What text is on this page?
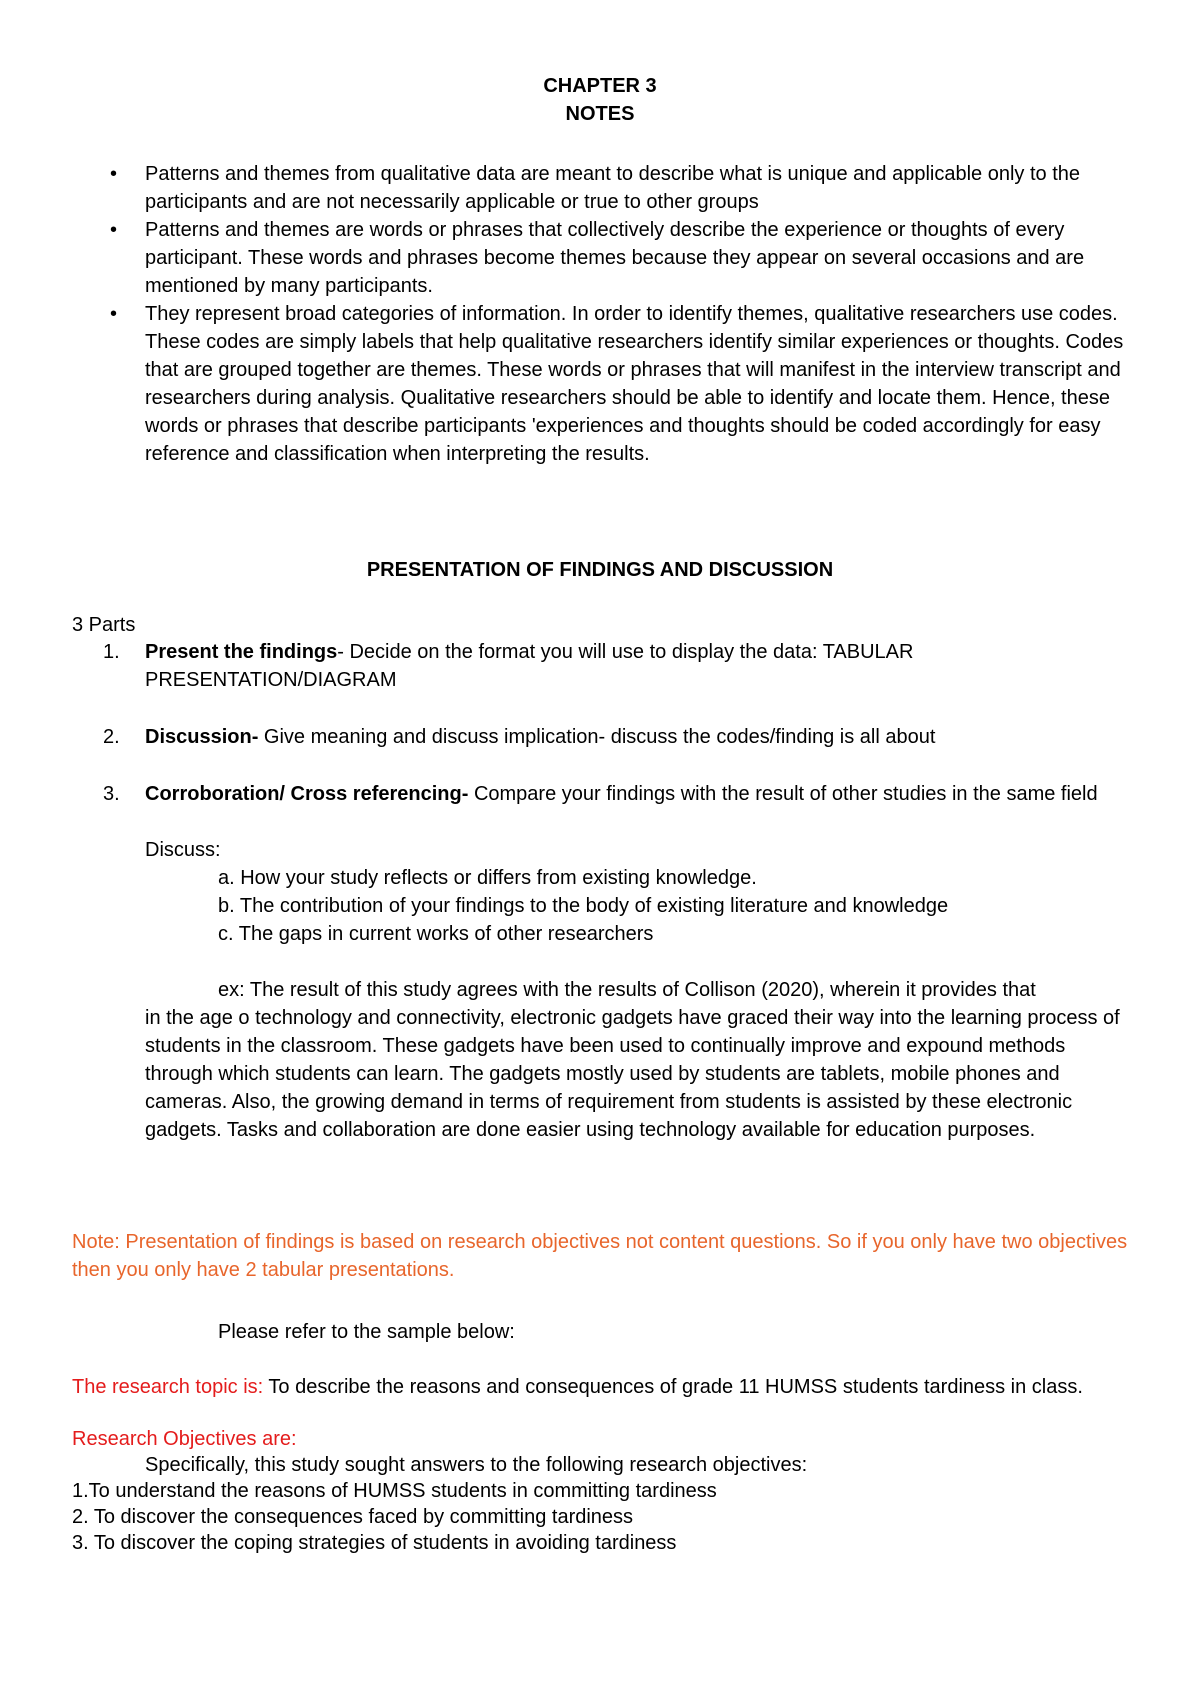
CHAPTER 3
NOTES
• Patterns and themes from qualitative data are meant to describe what is unique and applicable only to the participants and are not necessarily applicable or true to other groups
• Patterns and themes are words or phrases that collectively describe the experience or thoughts of every participant. These words and phrases become themes because they appear on several occasions and are mentioned by many participants.
• They represent broad categories of information. In order to identify themes, qualitative researchers use codes. These codes are simply labels that help qualitative researchers identify similar experiences or thoughts. Codes that are grouped together are themes. These words or phrases that will manifest in the interview transcript and researchers during analysis. Qualitative researchers should be able to identify and locate them. Hence, these words or phrases that describe participants 'experiences and thoughts should be coded accordingly for easy reference and classification when interpreting the results.
PRESENTATION OF FINDINGS AND DISCUSSION
3 Parts
1. Present the findings- Decide on the format you will use to display the data: TABULAR PRESENTATION/DIAGRAM
2. Discussion- Give meaning and discuss implication- discuss the codes/finding is all about
3. Corroboration/ Cross referencing- Compare your findings with the result of other studies in the same field
Discuss:
a. How your study reflects or differs from existing knowledge.
b. The contribution of your findings to the body of existing literature and knowledge
c. The gaps in current works of other researchers
ex: The result of this study agrees with the results of Collison (2020), wherein it provides that
in the age o technology and connectivity, electronic gadgets have graced their way into the learning process of students in the classroom. These gadgets have been used to continually improve and expound methods through which students can learn. The gadgets mostly used by students are tablets, mobile phones and cameras. Also, the growing demand in terms of requirement from students is assisted by these electronic gadgets. Tasks and collaboration are done easier using technology available for education purposes.
Note: Presentation of findings is based on research objectives not content questions. So if you only have two objectives then you only have 2 tabular presentations.
Please refer to the sample below:
The research topic is: To describe the reasons and consequences of grade 11 HUMSS students tardiness in class.
Research Objectives are:
Specifically, this study sought answers to the following research objectives:
1.To understand the reasons of HUMSS students in committing tardiness
2. To discover the consequences faced by committing tardiness
3. To discover the coping strategies of students in avoiding tardiness
